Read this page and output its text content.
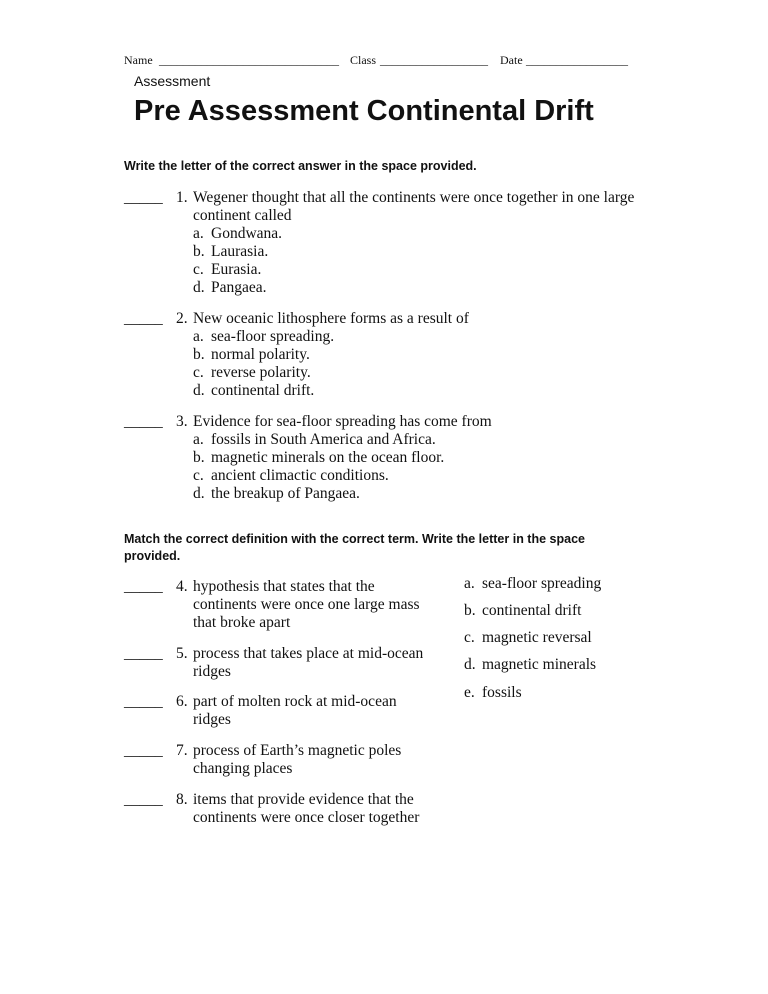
Name ______________________________ Class __________________ Date _________________
Assessment
Pre Assessment Continental Drift
Write the letter of the correct answer in the space provided.
_____ 1. Wegener thought that all the continents were once together in one large
continent called
a. Gondwana.
b. Laurasia.
c. Eurasia.
d. Pangaea.
_____ 2. New oceanic lithosphere forms as a result of
a. sea-floor spreading.
b. normal polarity.
c. reverse polarity.
d. continental drift.
_____ 3. Evidence for sea-floor spreading has come from
a. fossils in South America and Africa.
b. magnetic minerals on the ocean floor.
c. ancient climactic conditions.
d. the breakup of Pangaea.
Match the correct definition with the correct term. Write the letter in the space provided.
_____ 4. hypothesis that states that the
continents were once one large mass
that broke apart
_____ 5. process that takes place at mid-ocean
ridges
_____ 6. part of molten rock at mid-ocean
ridges
_____ 7. process of Earth’s magnetic poles
changing places
_____ 8. items that provide evidence that the
continents were once closer together
a. sea-floor spreading
b. continental drift
c. magnetic reversal
d. magnetic minerals
e. fossils
